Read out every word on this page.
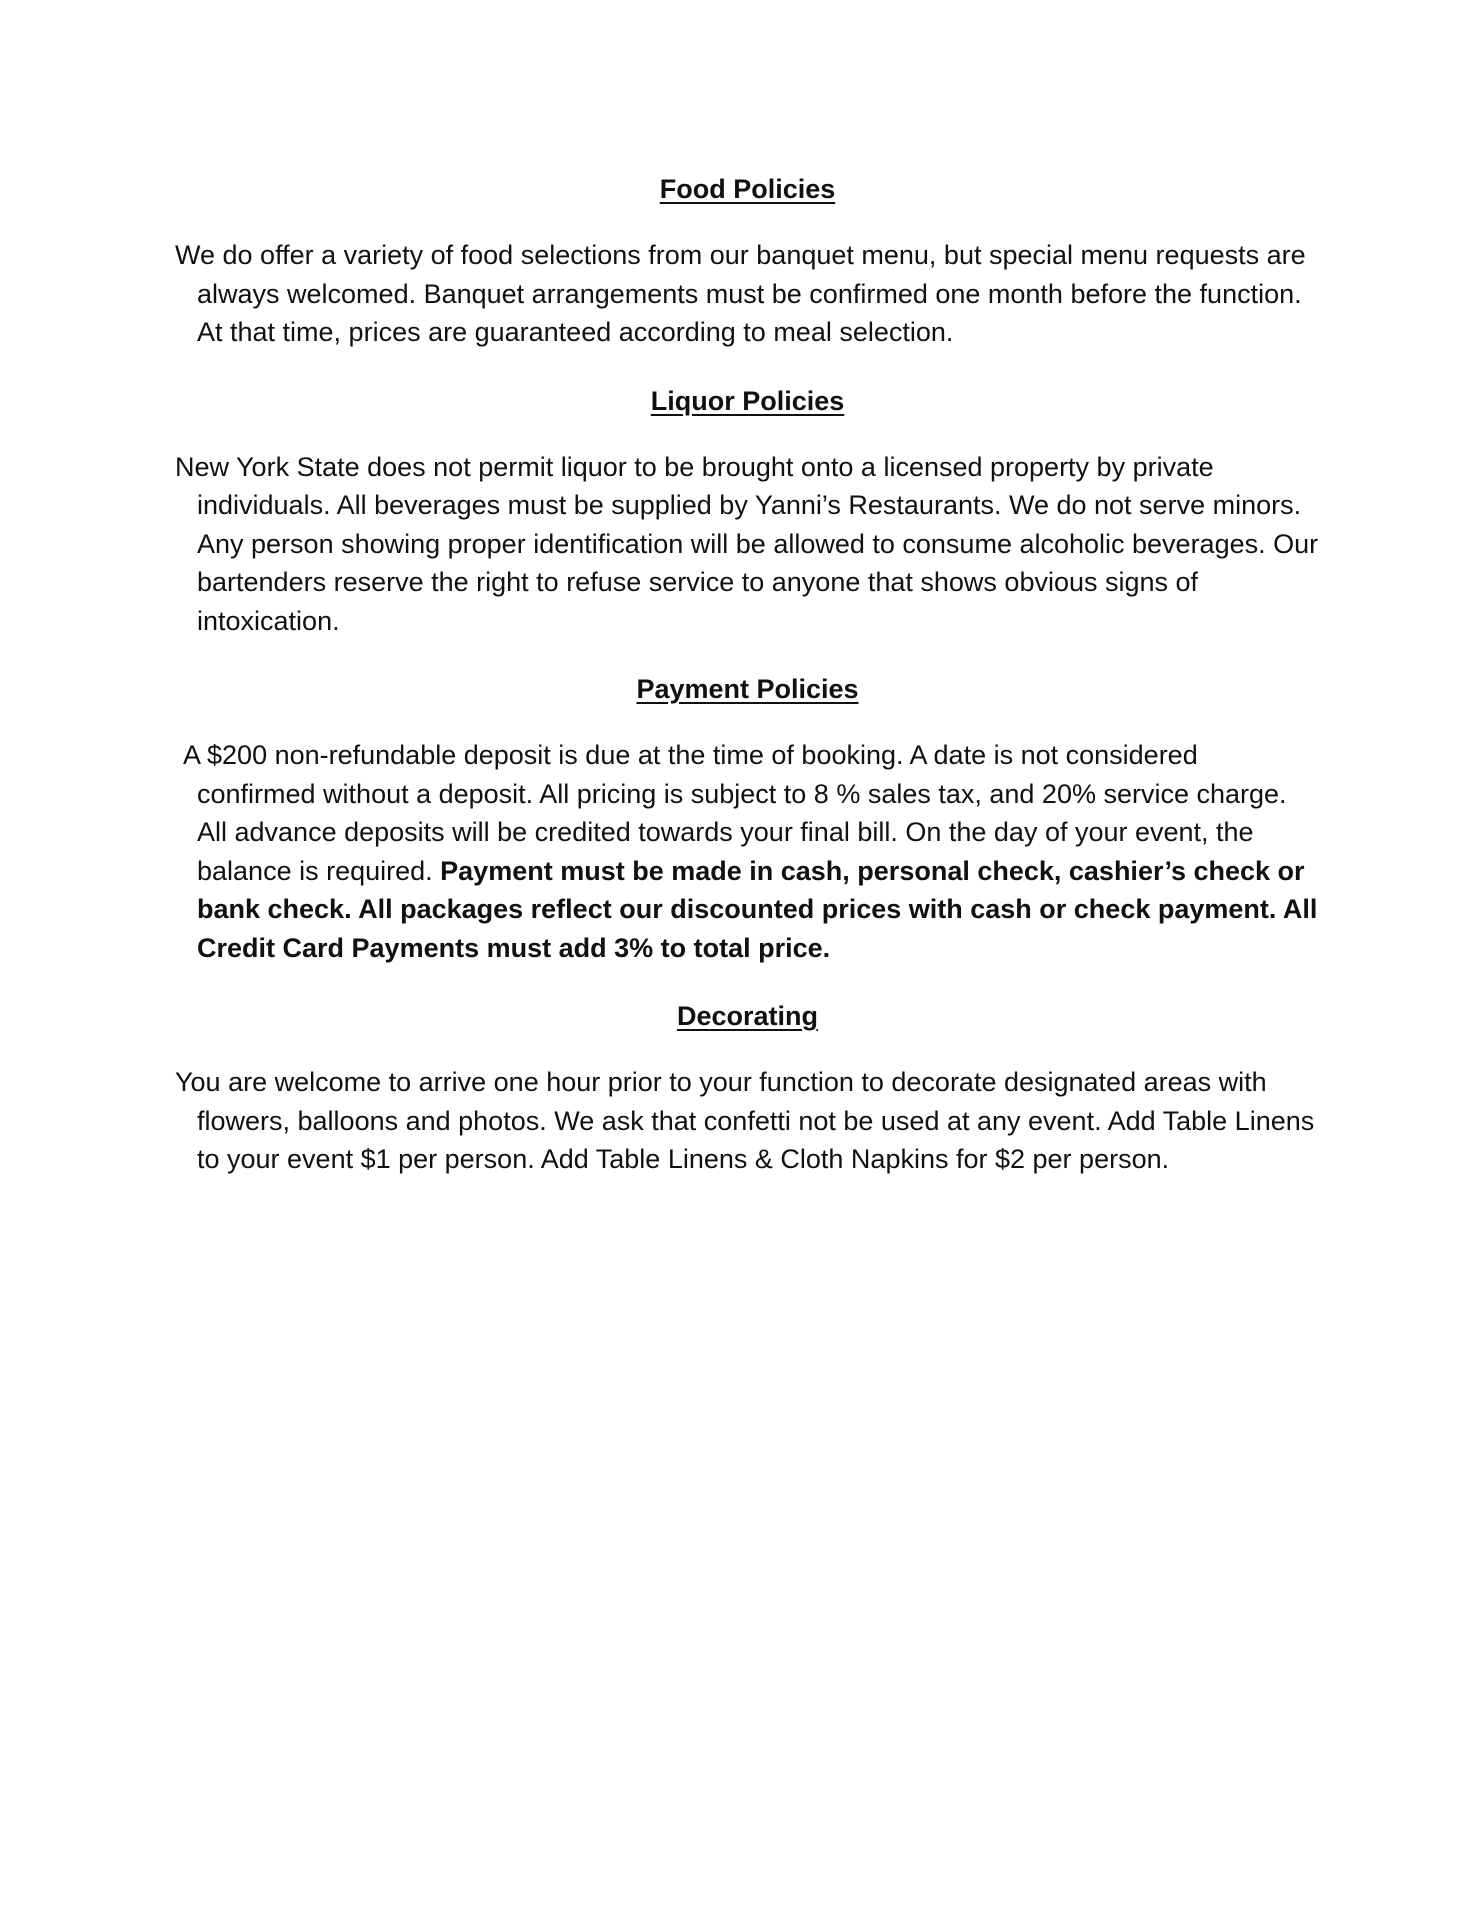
Food Policies

We do offer a variety of food selections from our banquet menu, but special menu requests are always welcomed. Banquet arrangements must be confirmed one month before the function. At that time, prices are guaranteed according to meal selection.

Liquor Policies

New York State does not permit liquor to be brought onto a licensed property by private individuals. All beverages must be supplied by Yanni’s Restaurants. We do not serve minors. Any person showing proper identification will be allowed to consume alcoholic beverages. Our bartenders reserve the right to refuse service to anyone that shows obvious signs of intoxication.

Payment Policies

A $200 non-refundable deposit is due at the time of booking. A date is not considered confirmed without a deposit. All pricing is subject to 8 % sales tax, and 20% service charge. All advance deposits will be credited towards your final bill. On the day of your event, the balance is required. Payment must be made in cash, personal check, cashier’s check or bank check. All packages reflect our discounted prices with cash or check payment. All Credit Card Payments must add 3% to total price.

Decorating

You are welcome to arrive one hour prior to your function to decorate designated areas with flowers, balloons and photos. We ask that confetti not be used at any event. Add Table Linens to your event $1 per person. Add Table Linens & Cloth Napkins for $2 per person.
